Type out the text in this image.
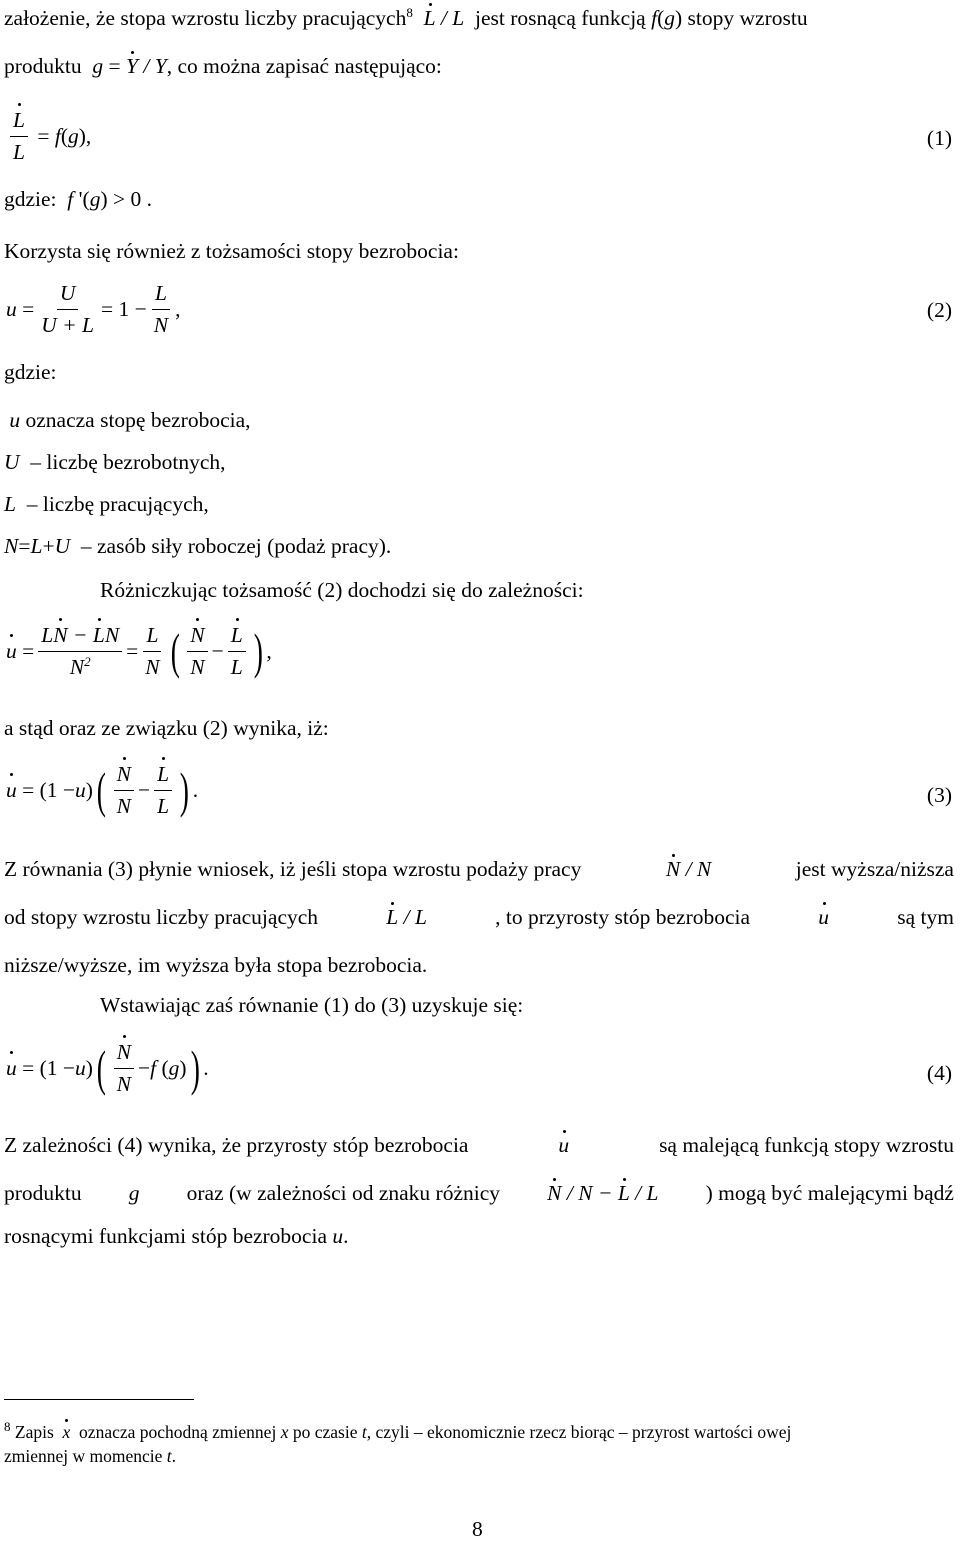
założenie, że stopa wzrostu liczby pracujących$^8$ L / L jest rosnącą funkcją f(g) stopy wzrostu
produktu g = Y / Y, co można zapisać następująco:
$\frac{L}{L} = f(g)$,	(1)
gdzie: f '(g) > 0 .
Korzysta się również z tożsamości stopy bezrobocia:
$u = \frac{U}{U + L} = 1 - \frac{L}{N}$ ,	(2)
gdzie:
u oznacza stopę bezrobocia,
U – liczbę bezrobotnych,
L – liczbę pracujących,
N=L+U – zasób siły roboczej (podaż pracy).
Różniczkując tożsamość (2) dochodzi się do zależności:
$u = \frac{LN - LN}{N^2} = \frac{L}{N}$ ( $\frac{N}{N} - \frac{L}{L}$ ) ,
a stąd oraz ze związku (2) wynika, iż:
u = (1 − u ) ( $\frac{N}{N} - \frac{L}{L}$ ) .	(3)
Z równania (3) płynie wniosek, iż jeśli stopa wzrostu podaży pracy	N / N	jest wyższa/niższa
od stopy wzrostu liczby pracujących	L / L	, to przyrosty stóp bezrobocia	u	są tym
niższe/wyższe, im wyższa była stopa bezrobocia.
Wstawiając zaś równanie (1) do (3) uzyskuje się:
u = (1 − u ) ( $\frac{N}{N} - f$ ( g ) ) .	(4)
Z zależności (4) wynika, że przyrosty stóp bezrobocia	u	są malejącą funkcją stopy wzrostu
produktu g oraz (w zależności od znaku różnicy N / N − L / L ) mogą być malejącymi bądź
rosnącymi funkcjami stóp bezrobocia u.
$^8$ Zapis x oznacza pochodną zmiennej x po czasie t, czyli – ekonomicznie rzecz biorąc – przyrost wartości owej
zmiennej w momencie t.
8
